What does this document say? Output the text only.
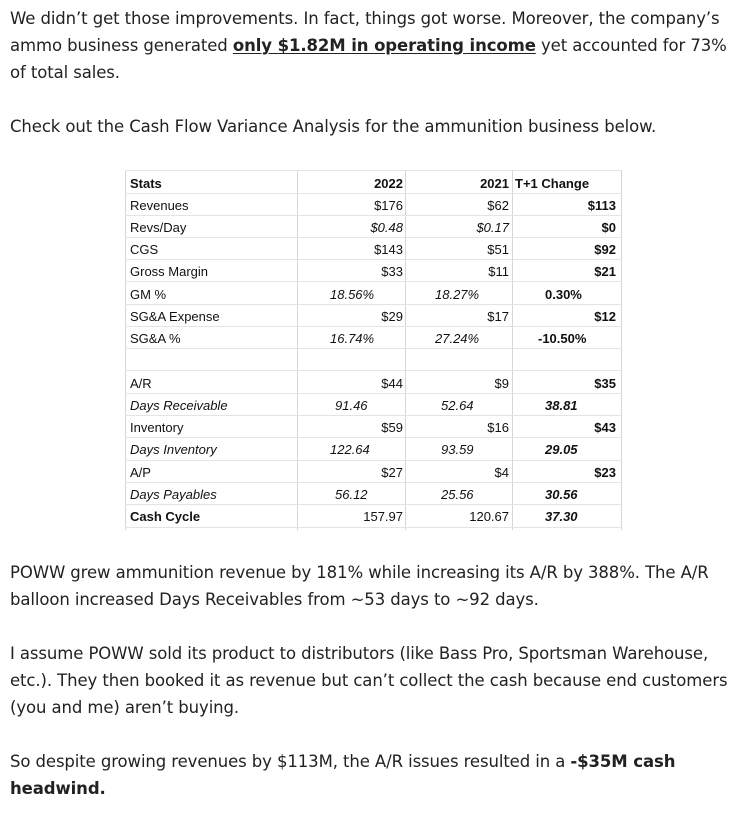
We didn’t get those improvements. In fact, things got worse. Moreover, the company’s
ammo business generated only $1.82M in operating income yet accounted for 73%
of total sales.

Check out the Cash Flow Variance Analysis for the ammunition business below.

Stats	2022	2021 T+1 Change
Revenues	$176	$62	$113
Revs/Day	$0.48	$0.17	$0
CGS	$143	$51	$92
Gross Margin	$33	$11	$21
GM %	18.56%	18.27%	0.30%
SG&A Expense	$29	$17	$12
SG&A %	16.74%	27.24%	-10.50%
A/R	$44	$9	$35
Days Receivable	91.46	52.64	38.81
Inventory	$59	$16	$43
Days Inventory	122.64	93.59	29.05
A/P	$27	$4	$23
Days Payables	56.12	25.56	30.56
Cash Cycle	157.97	120.67	37.30

POWW grew ammunition revenue by 181% while increasing its A/R by 388%. The A/R
balloon increased Days Receivables from ~53 days to ~92 days.

I assume POWW sold its product to distributors (like Bass Pro, Sportsman Warehouse,
etc.). They then booked it as revenue but can’t collect the cash because end customers
(you and me) aren’t buying.

So despite growing revenues by $113M, the A/R issues resulted in a -$35M cash
headwind.
